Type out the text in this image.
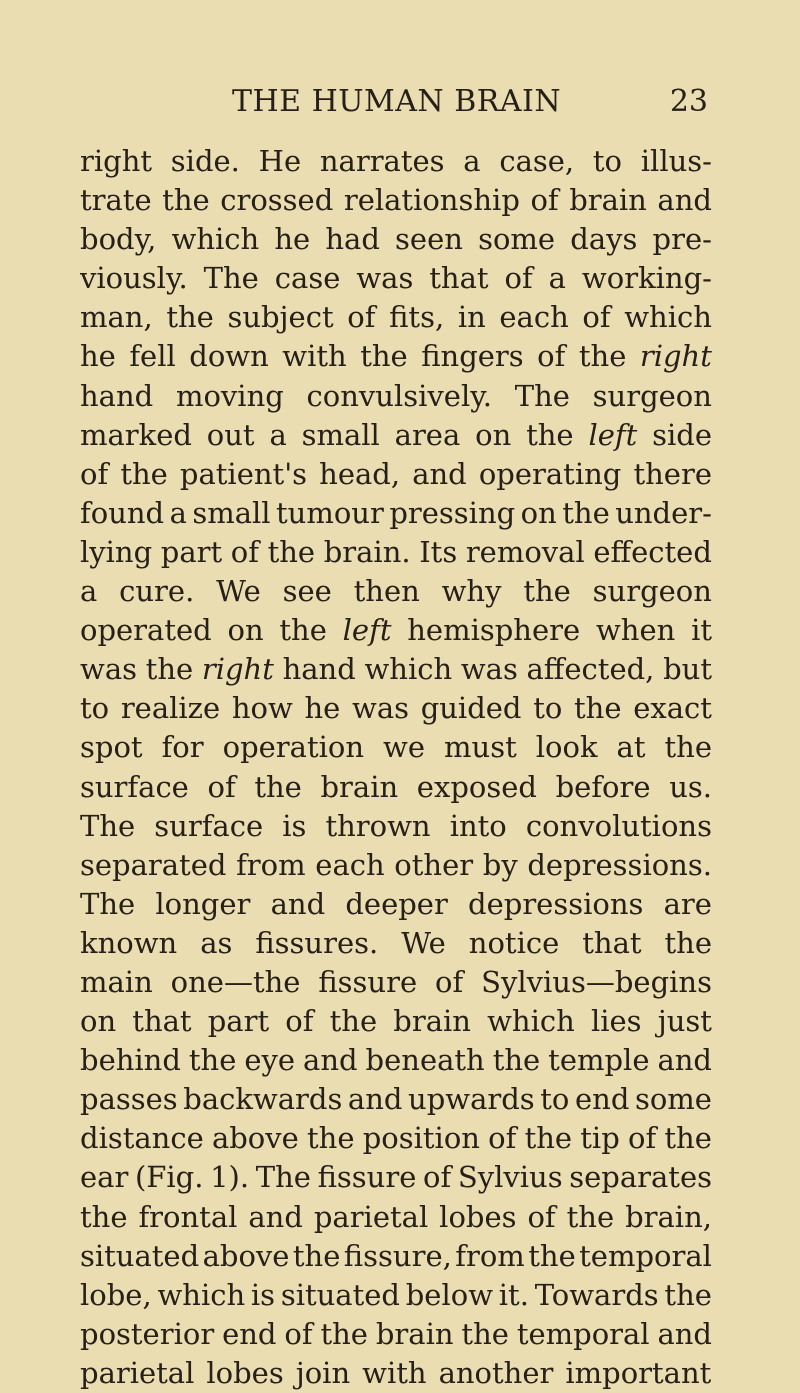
THE HUMAN BRAIN	23
right side. He narrates a case, to illus-
trate the crossed relationship of brain and
body, which he had seen some days pre-
viously. The case was that of a working-
man, the subject of fits, in each of which
he fell down with the fingers of the right
hand moving convulsively. The surgeon
marked out a small area on the left side
of the patient's head, and operating there
found a small tumour pressing on the under-
lying part of the brain. Its removal effected
a cure. We see then why the surgeon
operated on the left hemisphere when it
was the right hand which was affected, but
to realize how he was guided to the exact
spot for operation we must look at the
surface of the brain exposed before us.
The surface is thrown into convolutions
separated from each other by depressions.
The longer and deeper depressions are
known as fissures. We notice that the
main one—the fissure of Sylvius—begins
on that part of the brain which lies just
behind the eye and beneath the temple and
passes backwards and upwards to end some
distance above the position of the tip of the
ear (Fig. 1). The fissure of Sylvius separates
the frontal and parietal lobes of the brain,
situated above the fissure, from the temporal
lobe, which is situated below it. Towards the
posterior end of the brain the temporal and
parietal lobes join with another important
